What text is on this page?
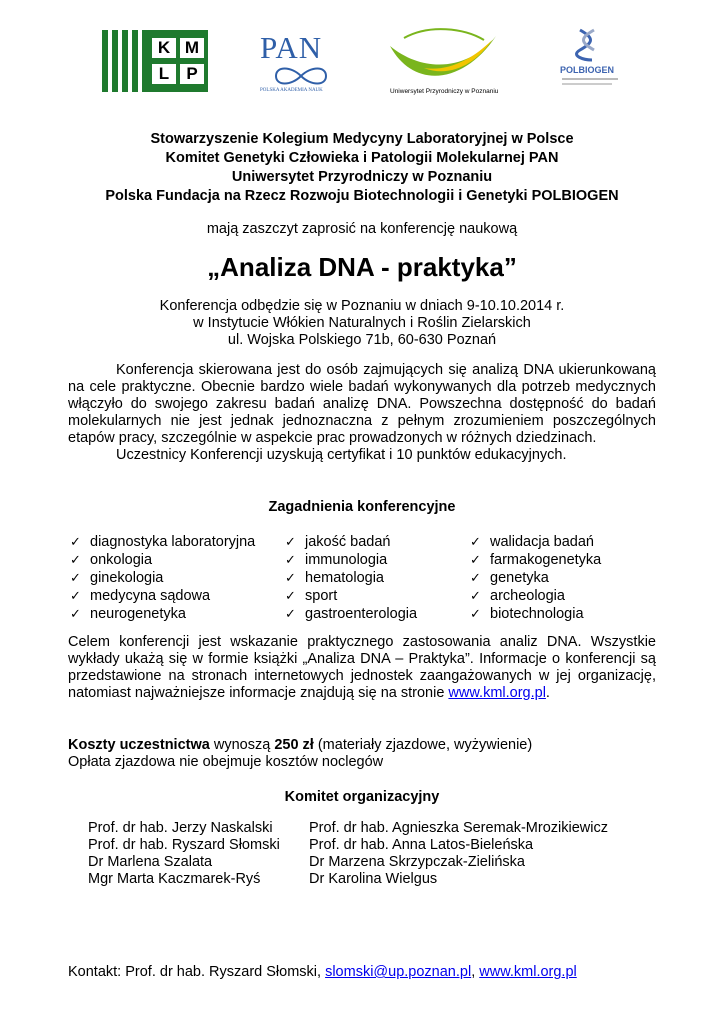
K M
L P
PAN
POLSKA AKADEMIA NAUK	Uniwersytet Przyrodniczy w Poznaniu
POLBIOGEN
Stowarzyszenie Kolegium Medycyny Laboratoryjnej w Polsce
Komitet Genetyki Człowieka i Patologii Molekularnej PAN
Uniwersytet Przyrodniczy w Poznaniu
Polska Fundacja na Rzecz Rozwoju Biotechnologii i Genetyki POLBIOGEN
mają zaszczyt zaprosić na konferencję naukową
„Analiza DNA - praktyka”
Konferencja odbędzie się w Poznaniu w dniach 9-10.10.2014 r.
w Instytucie Włókien Naturalnych i Roślin Zielarskich
ul. Wojska Polskiego 71b, 60-630 Poznań

Konferencja skierowana jest do osób zajmujących się analizą DNA ukierunkowaną na cele praktyczne. Obecnie bardzo wiele badań wykonywanych dla potrzeb medycznych włączyło do swojego zakresu badań analizę DNA. Powszechna dostępność do badań molekularnych nie jest jednak jednoznaczna z pełnym zrozumieniem poszczególnych etapów pracy, szczególnie w aspekcie prac prowadzonych w różnych dziedzinach.

Uczestnicy Konferencji uzyskują certyfikat i 10 punktów edukacyjnych.

Zagadnienia konferencyjne
✓ diagnostyka laboratoryjna
✓ onkologia
✓ ginekologia
✓ medycyna sądowa
✓ neurogenetyka
✓ jakość badań
✓ immunologia
✓ hematologia
✓ sport
✓ gastroenterologia
✓ walidacja badań
✓ farmakogenetyka
✓ genetyka
✓ archeologia
✓ biotechnologia
Celem konferencji jest wskazanie praktycznego zastosowania analiz DNA. Wszystkie wykłady ukażą się w formie książki „Analiza DNA – Praktyka”. Informacje o konferencji są przedstawione na stronach internetowych jednostek zaangażowanych w jej organizację, natomiast najważniejsze informacje znajdują się na stronie www.kml.org.pl.
Koszty uczestnictwa wynoszą 250 zł (materiały zjazdowe, wyżywienie)
Opłata zjazdowa nie obejmuje kosztów noclegów
Komitet organizacyjny
Prof. dr hab. Jerzy Naskalski
Prof. dr hab. Ryszard Słomski
Dr Marlena Szalata
Mgr Marta Kaczmarek-Ryś
Prof. dr hab. Agnieszka Seremak-Mrozikiewicz
Prof. dr hab. Anna Latos-Bieleńska
Dr Marzena Skrzypczak-Zielińska
Dr Karolina Wielgus
Kontakt: Prof. dr hab. Ryszard Słomski, slomski@up.poznan.pl, www.kml.org.pl
